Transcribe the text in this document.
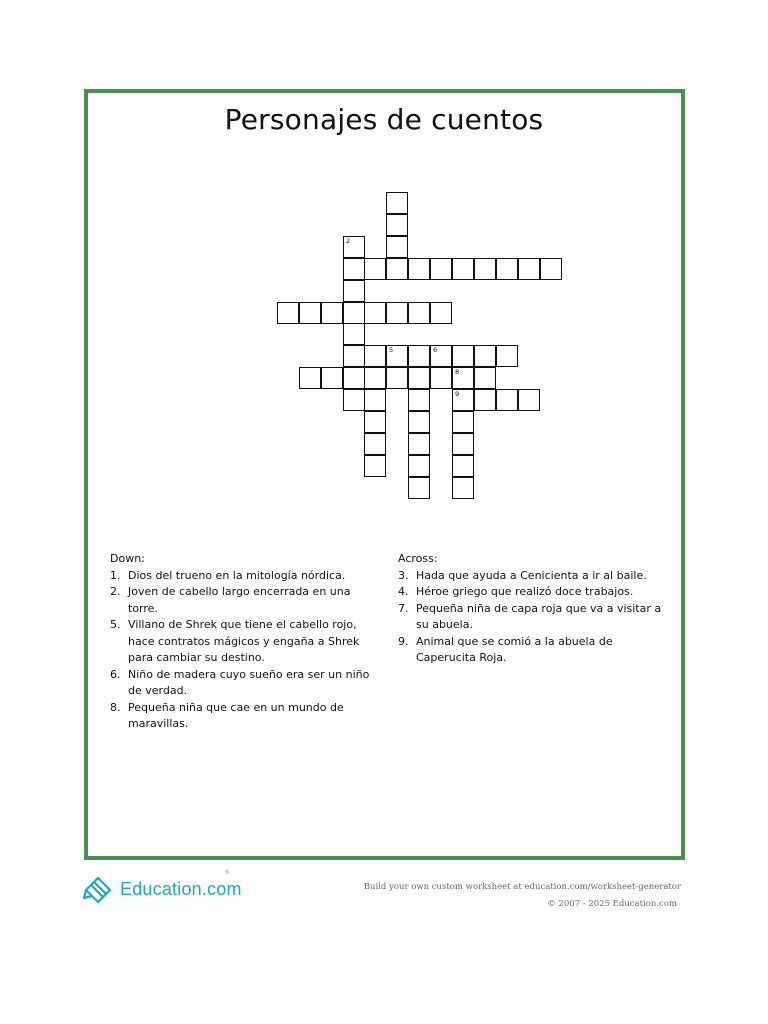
Personajes de cuentos
2
5	6
8
9
Down:
1. Dios del trueno en la mitología nórdica.
2. Joven de cabello largo encerrada en una torre.
5. Villano de Shrek que tiene el cabello rojo, hace contratos mágicos y engaña a Shrek para cambiar su destino.
6. Niño de madera cuyo sueño era ser un niño de verdad.
8. Pequeña niña que cae en un mundo de maravillas.
Across:
3. Hada que ayuda a Cenicienta a ir al baile.
4. Héroe griego que realizó doce trabajos.
7. Pequeña niña de capa roja que va a visitar a su abuela.
9. Animal que se comió a la abuela de Caperucita Roja.
Education.com
®
Build your own custom worksheet at education.com/worksheet-generator
© 2007 - 2025 Education.com
